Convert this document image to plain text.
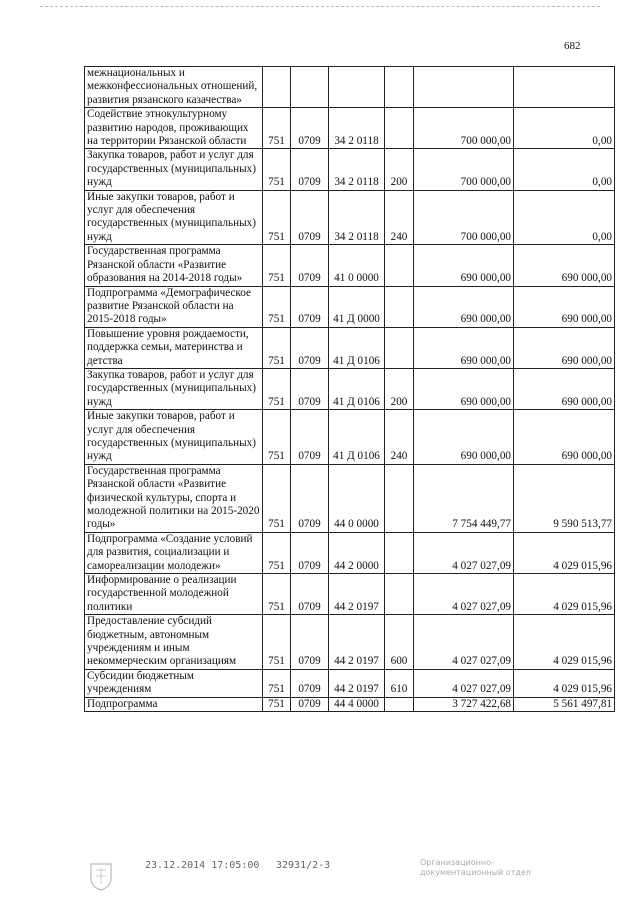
682
межнациональных и межконфессиональных отношений, развития рязанского казачества»						
Содействие этнокультурному развитию народов, проживающих на территории Рязанской области	751	0709	34 2 0118		700 000,00	0,00
Закупка товаров, работ и услуг для государственных (муниципальных) нужд	751	0709	34 2 0118	200	700 000,00	0,00
Иные закупки товаров, работ и услуг для обеспечения государственных (муниципальных) нужд	751	0709	34 2 0118	240	700 000,00	0,00
Государственная программа Рязанской области «Развитие образования на 2014-2018 годы»	751	0709	41 0 0000		690 000,00	690 000,00
Подпрограмма «Демографическое развитие Рязанской области на 2015-2018 годы»	751	0709	41 Д 0000		690 000,00	690 000,00
Повышение уровня рождаемости, поддержка семьи, материнства и детства	751	0709	41 Д 0106		690 000,00	690 000,00
Закупка товаров, работ и услуг для государственных (муниципальных) нужд	751	0709	41 Д 0106	200	690 000,00	690 000,00
Иные закупки товаров, работ и услуг для обеспечения государственных (муниципальных) нужд	751	0709	41 Д 0106	240	690 000,00	690 000,00
Государственная программа Рязанской области «Развитие физической культуры, спорта и молодежной политики на 2015-2020 годы»	751	0709	44 0 0000		7 754 449,77	9 590 513,77
Подпрограмма «Создание условий для развития, социализации и самореализации молодежи»	751	0709	44 2 0000		4 027 027,09	4 029 015,96
Информирование о реализации государственной молодежной политики	751	0709	44 2 0197		4 027 027,09	4 029 015,96
Предоставление субсидий бюджетным, автономным учреждениям и иным некоммерческим организациям	751	0709	44 2 0197	600	4 027 027,09	4 029 015,96
Субсидии бюджетным учреждениям	751	0709	44 2 0197	610	4 027 027,09	4 029 015,96
Подпрограмма	751	0709	44 4 0000		3 727 422,68	5 561 497,81
23.12.2014 17:05:00 32931/2-3	Организационно-документационный отдел
